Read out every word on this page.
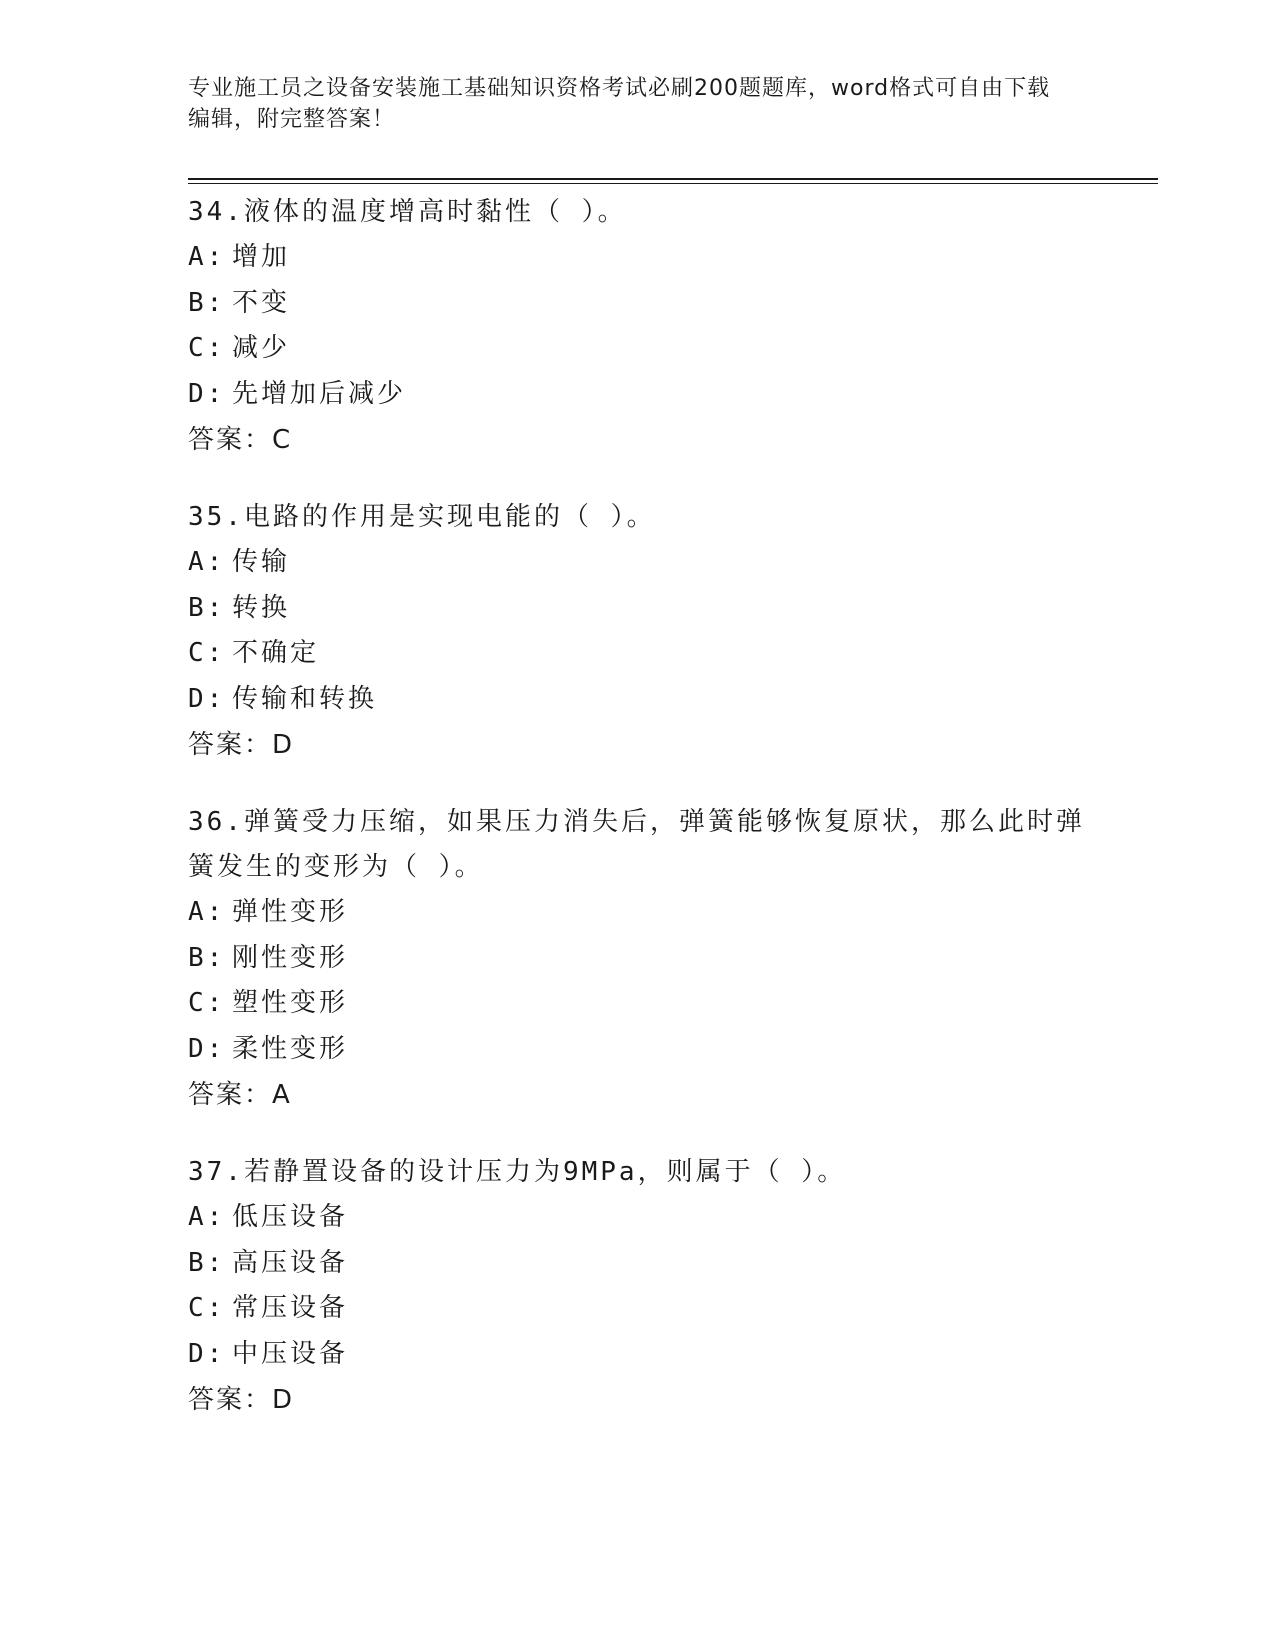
专业施工员之设备安装施工基础知识资格考试必刷200题题库，word格式可自由下载编辑，附完整答案！

34.液体的温度增高时黏性（ ）。

A: 增加

B: 不变

C: 减少

D: 先增加后减少

答案：C

35.电路的作用是实现电能的（ ）。

A: 传输

B: 转换

C: 不确定

D: 传输和转换

答案：D

36.弹簧受力压缩，如果压力消失后，弹簧能够恢复原状，那么此时弹簧发生的变形为（ ）。

A: 弹性变形

B: 刚性变形

C: 塑性变形

D: 柔性变形

答案：A

37.若静置设备的设计压力为9MPa，则属于（ ）。

A: 低压设备

B: 高压设备

C: 常压设备

D: 中压设备

答案：D
